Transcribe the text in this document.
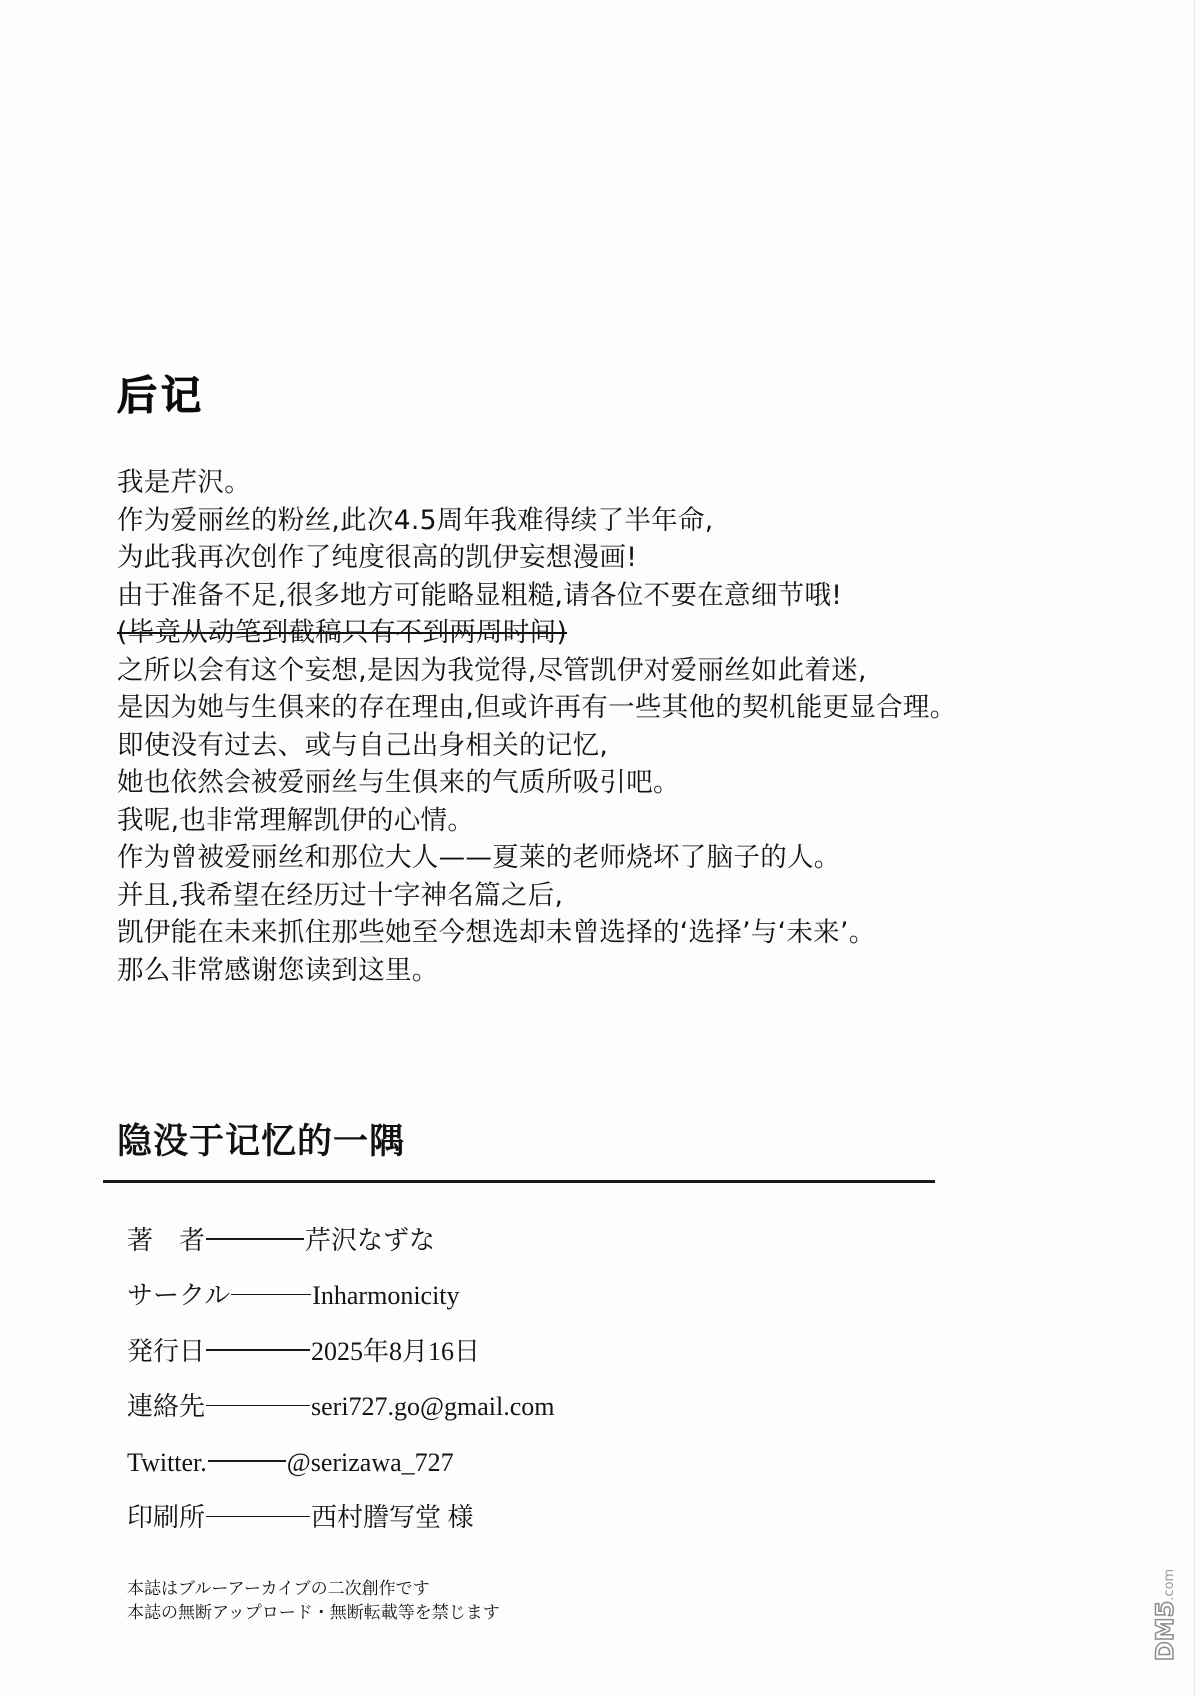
后记
我是芹沢。
作为爱丽丝的粉丝,此次4.5周年我难得续了半年命,
为此我再次创作了纯度很高的凯伊妄想漫画!
由于准备不足,很多地方可能略显粗糙,请各位不要在意细节哦!
(毕竟从动笔到截稿只有不到两周时间)
之所以会有这个妄想,是因为我觉得,尽管凯伊对爱丽丝如此着迷,
是因为她与生俱来的存在理由,但或许再有一些其他的契机能更显合理。
即使没有过去、或与自己出身相关的记忆,
她也依然会被爱丽丝与生俱来的气质所吸引吧。
我呢,也非常理解凯伊的心情。
作为曾被爱丽丝和那位大人——夏莱的老师烧坏了脑子的人。
并且,我希望在经历过十字神名篇之后,
凯伊能在未来抓住那些她至今想选却未曾选择的‘选择’与‘未来’。
那么非常感谢您读到这里。
隐没于记忆的一隅
著　者	芹沢なずな
サークル	Inharmonicity
発行日	2025年8月16日
連絡先	seri727.go@gmail.com
Twitter.	@serizawa_727
印刷所	西村謄写堂 様
本誌はブルーアーカイブの二次創作です
本誌の無断アップロード・無断転載等を禁じます	DM5.com
